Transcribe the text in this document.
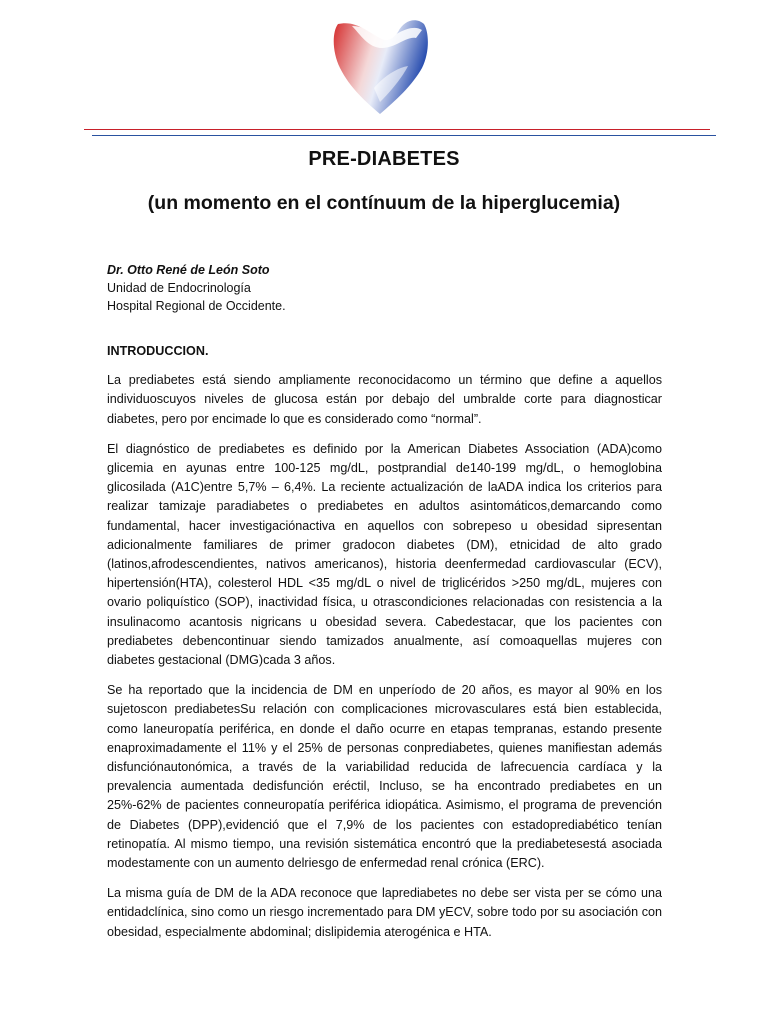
PRE-DIABETES
(un momento en el contínuum de la hiperglucemia)
Dr. Otto René de León Soto
Unidad de Endocrinología
Hospital Regional de Occidente.
INTRODUCCION.

La prediabetes está siendo ampliamente reconocidacomo un término que define a aquellos individuoscuyos niveles de glucosa están por debajo del umbralde corte para diagnosticar diabetes, pero por encimade lo que es considerado como “normal”.

El diagnóstico de prediabetes es definido por la American Diabetes Association (ADA)como glicemia en ayunas entre 100-125 mg/dL, postprandial de140-199 mg/dL, o hemoglobina glicosilada (A1C)entre 5,7% – 6,4%. La reciente actualización de laADA indica los criterios para realizar tamizaje paradiabetes o prediabetes en adultos asintomáticos,demarcando como fundamental, hacer investigaciónactiva en aquellos con sobrepeso u obesidad sipresentan adicionalmente familiares de primer gradocon diabetes (DM), etnicidad de alto grado (latinos,afrodescendientes, nativos americanos), historia deenfermedad cardiovascular (ECV), hipertensión(HTA), colesterol HDL <35 mg/dL o nivel de triglicéridos >250 mg/dL, mujeres con ovario poliquístico (SOP), inactividad física, u otrascondiciones relacionadas con resistencia a la insulinacomo acantosis nigricans u obesidad severa. Cabedestacar, que los pacientes con prediabetes debencontinuar siendo tamizados anualmente, así comoaquellas mujeres con diabetes gestacional (DMG)cada 3 años.

Se ha reportado que la incidencia de DM en unperíodo de 20 años, es mayor al 90% en los sujetoscon prediabetesSu relación con complicaciones microvasculares está bien establecida, como laneuropatía periférica, en donde el daño ocurre en etapas tempranas, estando presente enaproximadamente el 11% y el 25% de personas conprediabetes, quienes manifiestan además disfunciónautonómica, a través de la variabilidad reducida de lafrecuencia cardíaca y la prevalencia aumentada dedisfunción eréctil, Incluso, se ha encontrado prediabetes en un 25%-62% de pacientes conneuropatía periférica idiopática. Asimismo, el programa de prevención de Diabetes (DPP),evidenció que el 7,9% de los pacientes con estadoprediabético tenían retinopatía. Al mismo tiempo, una revisión sistemática encontró que la prediabetesestá asociada modestamente con un aumento delriesgo de enfermedad renal crónica (ERC).

La misma guía de DM de la ADA reconoce que laprediabetes no debe ser vista per se cómo una entidadclínica, sino como un riesgo incrementado para DM yECV, sobre todo por su asociación con obesidad, especialmente abdominal; dislipidemia aterogénica e HTA.
